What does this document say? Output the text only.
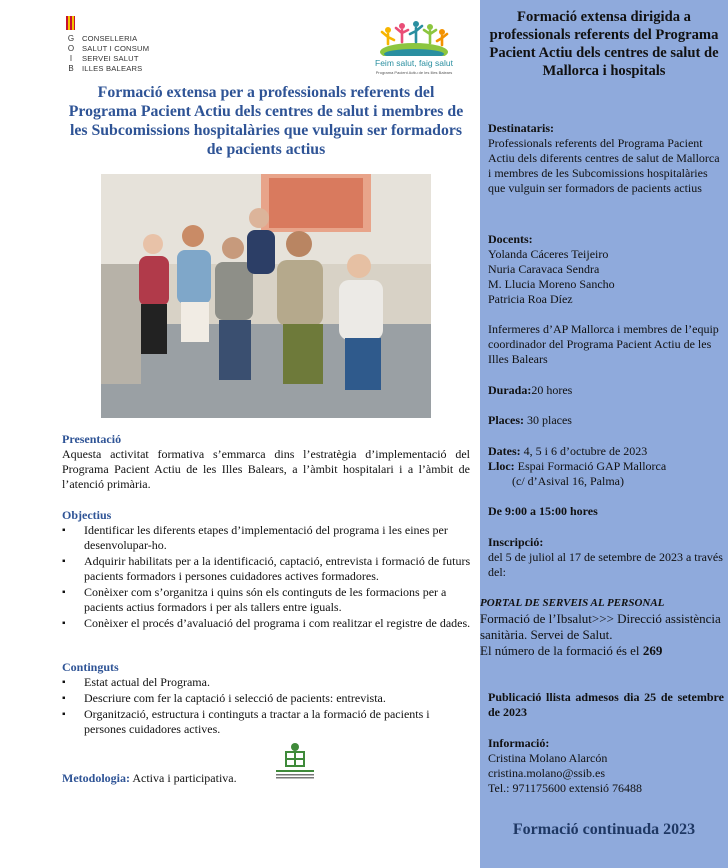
G
O
I
B
CONSELLERIA
SALUT I CONSUM
SERVEI SALUT
ILLES BALEARS
Feim salut, faig salut
Programa Pacient Actiu de les Illes Balears
Formació extensa per a professionals referents del Programa Pacient Actiu dels centres de salut i membres de les Subcomissions hospitalàries que vulguin ser formadors de pacients actius
Presentació
Aquesta activitat formativa s’emmarca dins l’estratègia d’implementació del Programa Pacient Actiu de les Illes Balears, a l’àmbit hospitalari i a l’àmbit de l’atenció primària.
Objectius
▪ Identificar les diferents etapes d’implementació del programa i les eines per desenvolupar-ho.
▪ Adquirir habilitats per a la identificació, captació, entrevista i formació de futurs pacients formadors i persones cuidadores actives formadores.
▪ Conèixer com s’organitza i quins són els continguts de les formacions per a pacients actius formadors i per als tallers entre iguals.
▪ Conèixer el procés d’avaluació del programa i com realitzar el registre de dades.
Continguts
▪ Estat actual del Programa.
▪ Descriure com fer la captació i selecció de pacients: entrevista.
▪ Organització, estructura i continguts a tractar a la formació de pacients i persones cuidadores actives.
Metodologia: Activa i participativa.
Formació extensa dirigida a professionals referents del Programa Pacient Actiu dels centres de salut de Mallorca i hospitals
Destinataris:
Professionals referents del Programa Pacient Actiu dels diferents centres de salut de Mallorca i membres de les Subcomissions hospitalàries que vulguin ser formadors de pacients actius
Docents:
Yolanda Cáceres Teijeiro
Nuria Caravaca Sendra
M. Llucia Moreno Sancho
Patricia Roa Díez
Infermeres d’AP Mallorca i membres de l’equip coordinador del Programa Pacient Actiu de les Illes Balears
Durada:20 hores
Places: 30 places
Dates: 4, 5 i 6 d’octubre de 2023
Lloc: Espai Formació GAP Mallorca
(c/ d’Asival 16, Palma)
De 9:00 a 15:00 hores
Inscripció:
del 5 de juliol al 17 de setembre de 2023 a través del:
PORTAL DE SERVEIS AL PERSONAL
Formació de l’Ibsalut>>> Direcció assistència sanitària. Servei de Salut.
El número de la formació és el 269
Publicació llista admesos dia 25 de setembre de 2023
Informació:
Cristina Molano Alarcón
cristina.molano@ssib.es
Tel.: 971175600 extensió 76488
Formació continuada 2023
